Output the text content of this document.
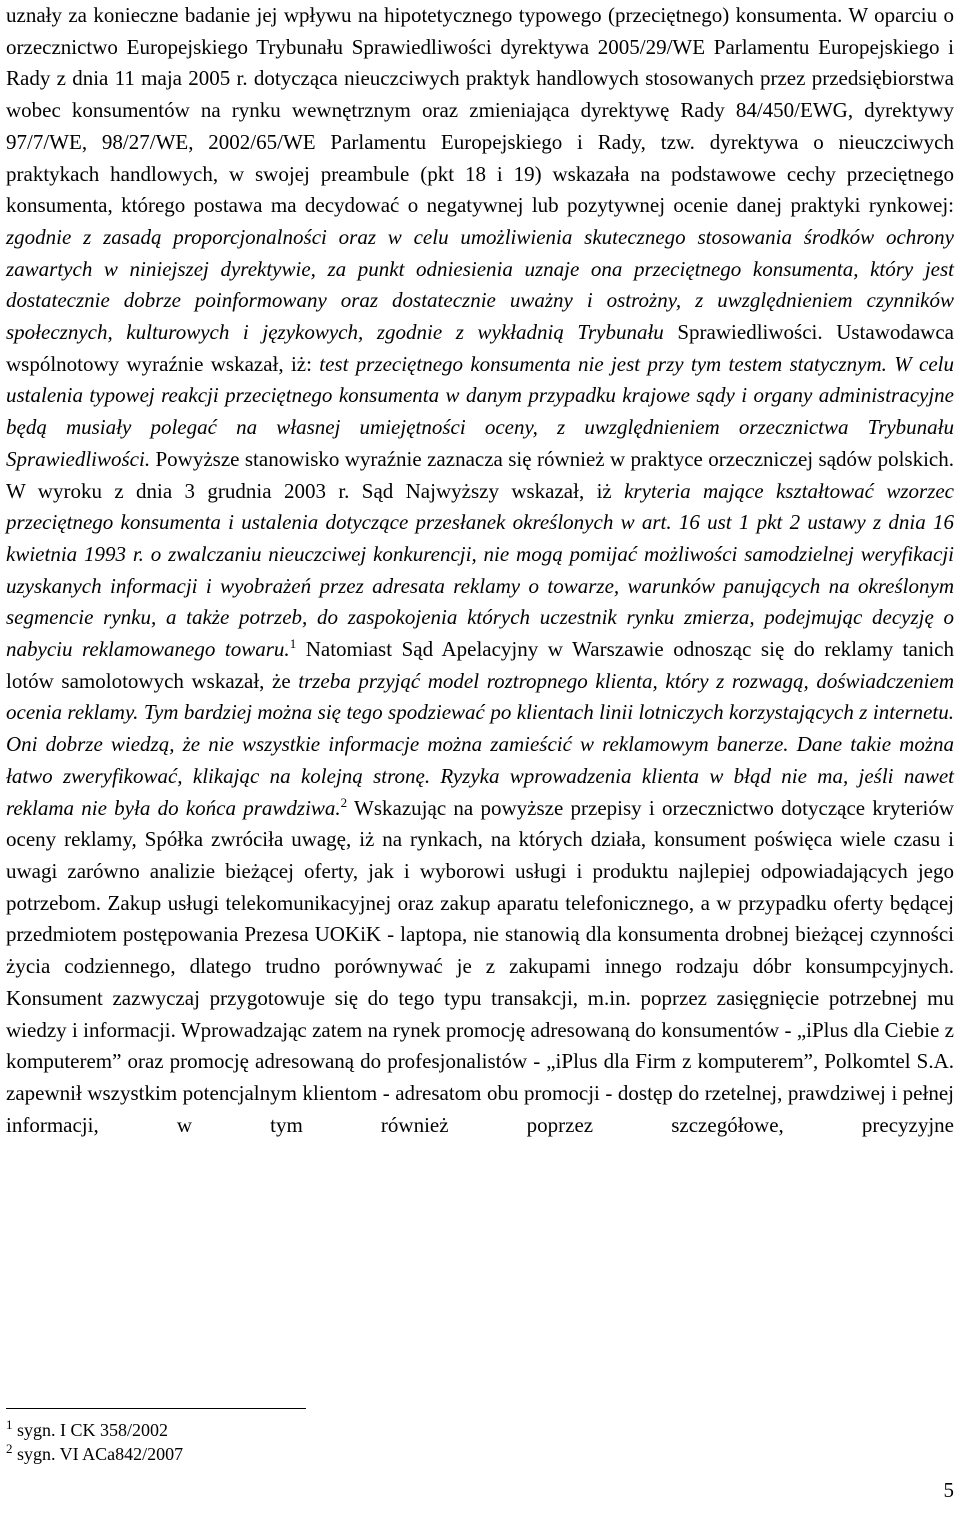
uznały za konieczne badanie jej wpływu na hipotetycznego typowego (przeciętnego) konsumenta. W oparciu o orzecznictwo Europejskiego Trybunału Sprawiedliwości dyrektywa 2005/29/WE Parlamentu Europejskiego i Rady z dnia 11 maja 2005 r. dotycząca nieuczciwych praktyk handlowych stosowanych przez przedsiębiorstwa wobec konsumentów na rynku wewnętrznym oraz zmieniająca dyrektywę Rady 84/450/EWG, dyrektywy 97/7/WE, 98/27/WE, 2002/65/WE Parlamentu Europejskiego i Rady, tzw. dyrektywa o nieuczciwych praktykach handlowych, w swojej preambule (pkt 18 i 19) wskazała na podstawowe cechy przeciętnego konsumenta, którego postawa ma decydować o negatywnej lub pozytywnej ocenie danej praktyki rynkowej: zgodnie z zasadą proporcjonalności oraz w celu umożliwienia skutecznego stosowania środków ochrony zawartych w niniejszej dyrektywie, za punkt odniesienia uznaje ona przeciętnego konsumenta, który jest dostatecznie dobrze poinformowany oraz dostatecznie uważny i ostrożny, z uwzględnieniem czynników społecznych, kulturowych i językowych, zgodnie z wykładnią Trybunału Sprawiedliwości. Ustawodawca wspólnotowy wyraźnie wskazał, iż: test przeciętnego konsumenta nie jest przy tym testem statycznym. W celu ustalenia typowej reakcji przeciętnego konsumenta w danym przypadku krajowe sądy i organy administracyjne będą musiały polegać na własnej umiejętności oceny, z uwzględnieniem orzecznictwa Trybunału Sprawiedliwości. Powyższe stanowisko wyraźnie zaznacza się również w praktyce orzeczniczej sądów polskich. W wyroku z dnia 3 grudnia 2003 r. Sąd Najwyższy wskazał, iż kryteria mające kształtować wzorzec przeciętnego konsumenta i ustalenia dotyczące przesłanek określonych w art. 16 ust 1 pkt 2 ustawy z dnia 16 kwietnia 1993 r. o zwalczaniu nieuczciwej konkurencji, nie mogą pomijać możliwości samodzielnej weryfikacji uzyskanych informacji i wyobrażeń przez adresata reklamy o towarze, warunków panujących na określonym segmencie rynku, a także potrzeb, do zaspokojenia których uczestnik rynku zmierza, podejmując decyzję o nabyciu reklamowanego towaru.$^1$ Natomiast Sąd Apelacyjny w Warszawie odnosząc się do reklamy tanich lotów samolotowych wskazał, że trzeba przyjąć model roztropnego klienta, który z rozwagą, doświadczeniem ocenia reklamy. Tym bardziej można się tego spodziewać po klientach linii lotniczych korzystających z internetu. Oni dobrze wiedzą, że nie wszystkie informacje można zamieścić w reklamowym banerze. Dane takie można łatwo zweryfikować, klikając na kolejną stronę. Ryzyka wprowadzenia klienta w błąd nie ma, jeśli nawet reklama nie była do końca prawdziwa.$^2$ Wskazując na powyższe przepisy i orzecznictwo dotyczące kryteriów oceny reklamy, Spółka zwróciła uwagę, iż na rynkach, na których działa, konsument poświęca wiele czasu i uwagi zarówno analizie bieżącej oferty, jak i wyborowi usługi i produktu najlepiej odpowiadających jego potrzebom. Zakup usługi telekomunikacyjnej oraz zakup aparatu telefonicznego, a w przypadku oferty będącej przedmiotem postępowania Prezesa UOKiK - laptopa, nie stanowią dla konsumenta drobnej bieżącej czynności życia codziennego, dlatego trudno porównywać je z zakupami innego rodzaju dóbr konsumpcyjnych. Konsument zazwyczaj przygotowuje się do tego typu transakcji, m.in. poprzez zasięgnięcie potrzebnej mu wiedzy i informacji. Wprowadzając zatem na rynek promocję adresowaną do konsumentów - „iPlus dla Ciebie z komputerem” oraz promocję adresowaną do profesjonalistów - „iPlus dla Firm z komputerem”, Polkomtel S.A. zapewnił wszystkim potencjalnym klientom - adresatom obu promocji - dostęp do rzetelnej, prawdziwej i pełnej informacji, w tym również poprzez szczegółowe, precyzyjne

$^1$ sygn. I CK 358/2002
$^2$ sygn. VI ACa842/2007
5
